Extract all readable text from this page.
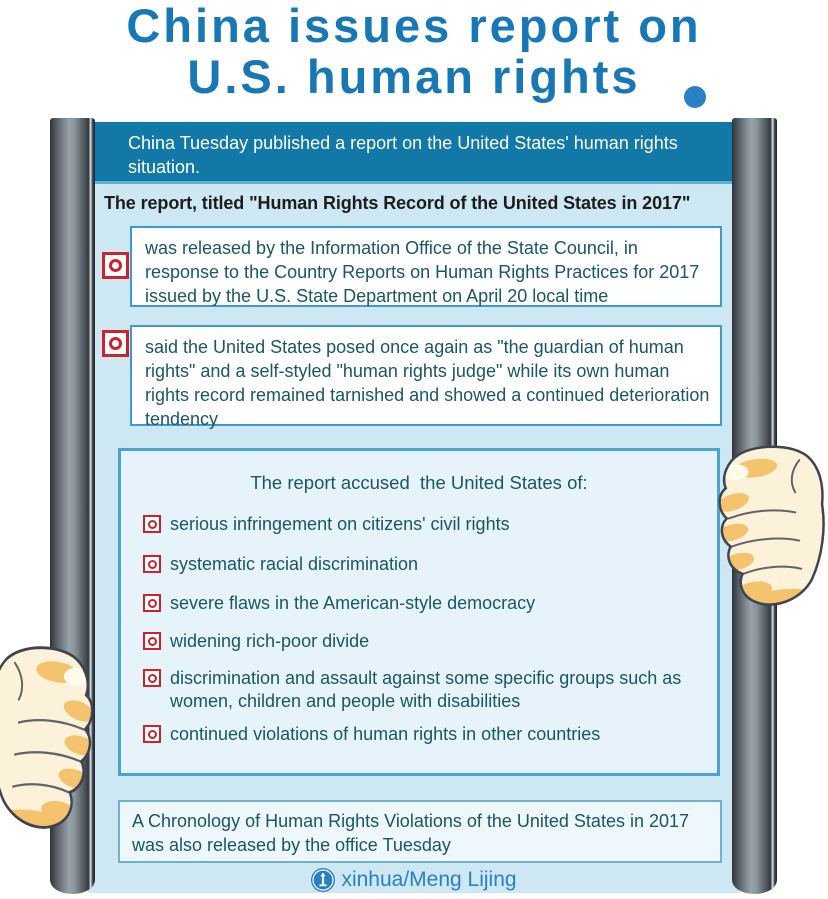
China issues report on
U.S. human rights
China Tuesday published a report on the United States' human rights situation.
The report, titled "Human Rights Record of the United States in 2017"
was released by the Information Office of the State Council, in response to the Country Reports on Human Rights Practices for 2017 issued by the U.S. State Department on April 20 local time
said the United States posed once again as "the guardian of human rights" and a self-styled "human rights judge" while its own human rights record remained tarnished and showed a continued deterioration tendency
The report accused  the United States of:
serious infringement on citizens' civil rights
systematic racial discrimination
severe flaws in the American-style democracy
widening rich-poor divide
discrimination and assault against some specific groups such as women, children and people with disabilities
continued violations of human rights in other countries
A Chronology of Human Rights Violations of the United States in 2017 was also released by the office Tuesday
xinhua/Meng Lijing
